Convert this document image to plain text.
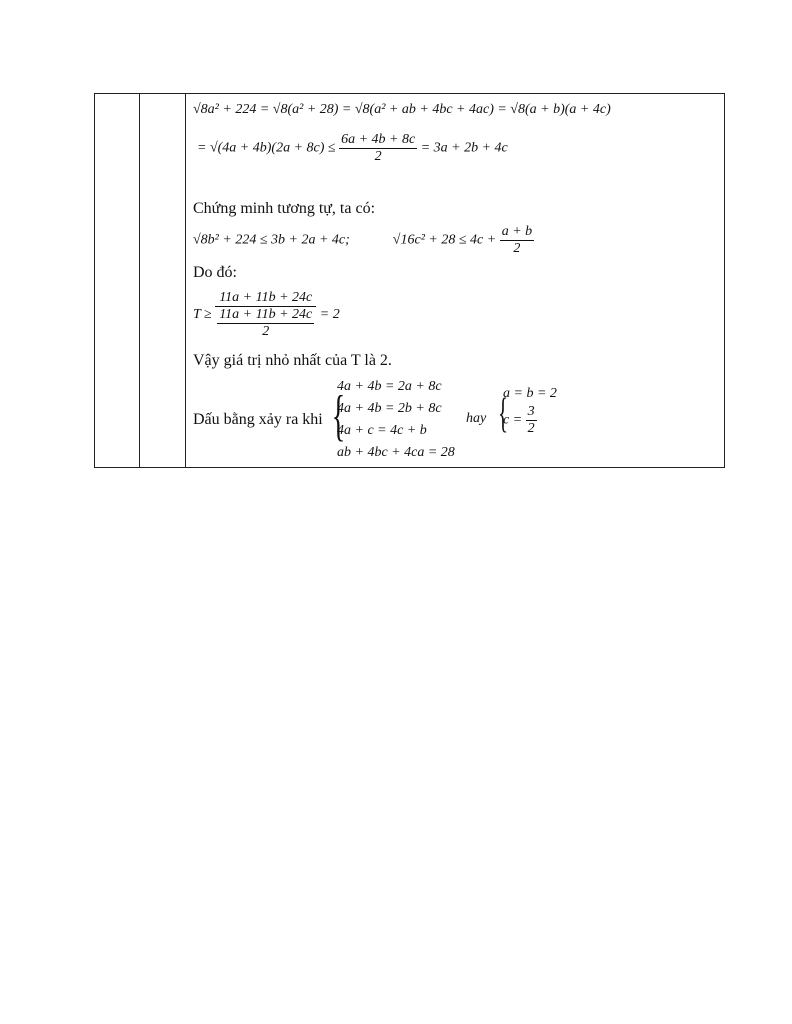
√8a² + 224 = √8(a² + 28) = √8(a² + ab + 4bc + 4ac) = √8(a + b)(a + 4c)
= $√(4a + 4b)(2a + 8c) \le \frac{6a + 4b + 8c}{2} = 3a + 2b + 4c$
Chứng minh tương tự, ta có:
√8b² + 224 ≤ 3b + 2a + 4c;	$√16c^2 + 28 \le 4c + \frac{a + b}{2}$
Do đó:
T ≥ 11a + 11b + 24c
11a + 11b + 24c
2 = 2
Vậy giá trị nhỏ nhất của T là 2.
Dấu bằng xảy ra khi {
4a + 4b = 2a + 8c
4a + 4b = 2b + 8c
4a + c = 4c + b
ab + 4bc + 4ca = 28
hay {
a = b = 2
$c = \frac{3}{2}$
